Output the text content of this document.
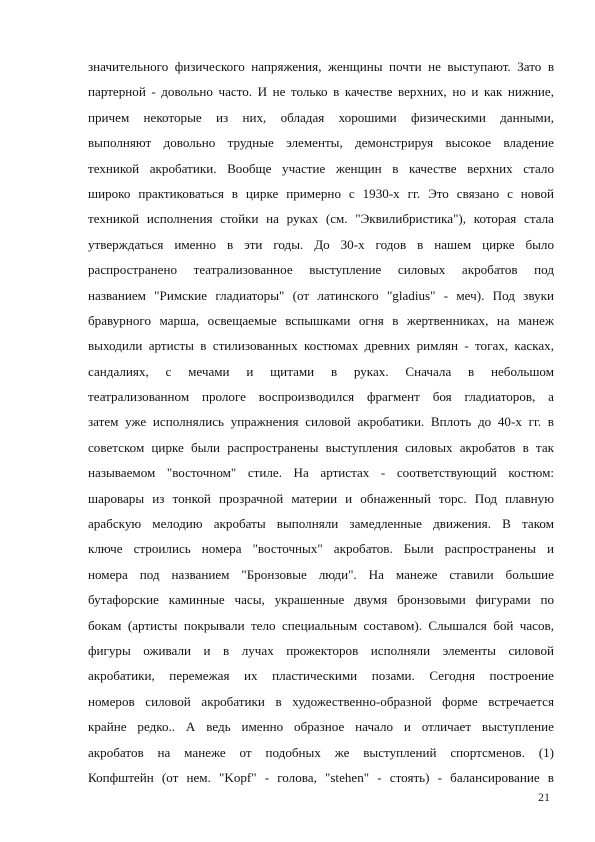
значительного физического напряжения, женщины почти не выступают. Зато в
партерной - довольно часто. И не только в качестве верхних, но и как нижние,
причем некоторые из них, обладая хорошими физическими данными,
выполняют довольно трудные элементы, демонстрируя высокое владение
техникой акробатики. Вообще участие женщин в качестве верхних стало
широко практиковаться в цирке примерно с 1930-х гг. Это связано с новой
техникой исполнения стойки на руках (см. "Эквилибристика"), которая стала
утверждаться именно в эти годы. До 30-х годов в нашем цирке было
распространено театрализованное выступление силовых акробатов под
названием "Римские гладиаторы" (от латинского "gladius" - меч). Под звуки
бравурного марша, освещаемые вспышками огня в жертвенниках, на манеж
выходили артисты в стилизованных костюмах древних римлян - тогах, касках,
сандалиях, с мечами и щитами в руках. Сначала в небольшом
театрализованном прологе воспроизводился фрагмент боя гладиаторов, а
затем уже исполнялись упражнения силовой акробатики. Вплоть до 40-х гг. в
советском цирке были распространены выступления силовых акробатов в так
называемом "восточном" стиле. На артистах - соответствующий костюм:
шаровары из тонкой прозрачной материи и обнаженный торс. Под плавную
арабскую мелодию акробаты выполняли замедленные движения. В таком
ключе строились номера "восточных" акробатов. Были распространены и
номера под названием "Бронзовые люди". На манеже ставили большие
бутафорские каминные часы, украшенные двумя бронзовыми фигурами по
бокам (артисты покрывали тело специальным составом). Слышался бой часов,
фигуры оживали и в лучах прожекторов исполняли элементы силовой
акробатики, перемежая их пластическими позами. Сегодня построение
номеров силовой акробатики в художественно-образной форме встречается
крайне редко.. А ведь именно образное начало и отличает выступление
акробатов на манеже от подобных же выступлений спортсменов. (1)
Копфштейн (от нем. "Kopf" - голова, "stehen" - стоять) - балансирование в
21
